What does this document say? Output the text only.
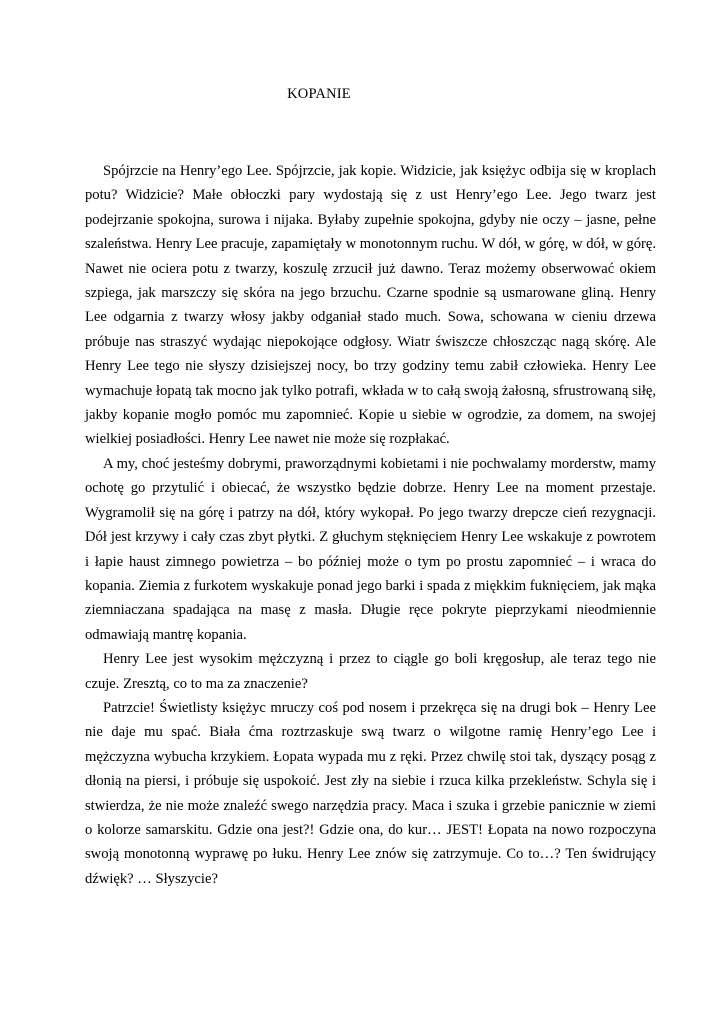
KOPANIE

Spójrzcie na Henry’ego Lee. Spójrzcie, jak kopie. Widzicie, jak księżyc odbija się w kroplach potu? Widzicie? Małe obłoczki pary wydostają się z ust Henry’ego Lee. Jego twarz jest podejrzanie spokojna, surowa i nijaka. Byłaby zupełnie spokojna, gdyby nie oczy – jasne, pełne szaleństwa. Henry Lee pracuje, zapamiętały w monotonnym ruchu. W dół, w górę, w dół, w górę. Nawet nie ociera potu z twarzy, koszulę zrzucił już dawno. Teraz możemy obserwować okiem szpiega, jak marszczy się skóra na jego brzuchu. Czarne spodnie są usmarowane gliną. Henry Lee odgarnia z twarzy włosy jakby odganiał stado much. Sowa, schowana w cieniu drzewa próbuje nas straszyć wydając niepokojące odgłosy. Wiatr świszcze chłoszcząc nagą skórę. Ale Henry Lee tego nie słyszy dzisiejszej nocy, bo trzy godziny temu zabił człowieka. Henry Lee wymachuje łopatą tak mocno jak tylko potrafi, wkłada w to całą swoją żałosną, sfrustrowaną siłę, jakby kopanie mogło pomóc mu zapomnieć. Kopie u siebie w ogrodzie, za domem, na swojej wielkiej posiadłości. Henry Lee nawet nie może się rozpłakać.

A my, choć jesteśmy dobrymi, praworządnymi kobietami i nie pochwalamy morderstw, mamy ochotę go przytulić i obiecać, że wszystko będzie dobrze. Henry Lee na moment przestaje. Wygramolił się na górę i patrzy na dół, który wykopał. Po jego twarzy drepcze cień rezygnacji. Dół jest krzywy i cały czas zbyt płytki. Z głuchym stęknięciem Henry Lee wskakuje z powrotem i łapie haust zimnego powietrza – bo później może o tym po prostu zapomnieć – i wraca do kopania. Ziemia z furkotem wyskakuje ponad jego barki i spada z miękkim fuknięciem, jak mąka ziemniaczana spadająca na masę z masła. Długie ręce pokryte pieprzykami nieodmiennie odmawiają mantrę kopania.

Henry Lee jest wysokim mężczyzną i przez to ciągle go boli kręgosłup, ale teraz tego nie czuje. Zresztą, co to ma za znaczenie?

Patrzcie! Świetlisty księżyc mruczy coś pod nosem i przekręca się na drugi bok – Henry Lee nie daje mu spać. Biała ćma roztrzaskuje swą twarz o wilgotne ramię Henry’ego Lee i mężczyzna wybucha krzykiem. Łopata wypada mu z ręki. Przez chwilę stoi tak, dyszący posąg z dłonią na piersi, i próbuje się uspokoić. Jest zły na siebie i rzuca kilka przekleństw. Schyla się i stwierdza, że nie może znaleźć swego narzędzia pracy. Maca i szuka i grzebie panicznie w ziemi o kolorze samarskitu. Gdzie ona jest?! Gdzie ona, do kur… JEST! Łopata na nowo rozpoczyna swoją monotonną wyprawę po łuku. Henry Lee znów się zatrzymuje. Co to…? Ten świdrujący dźwięk? … Słyszycie?
